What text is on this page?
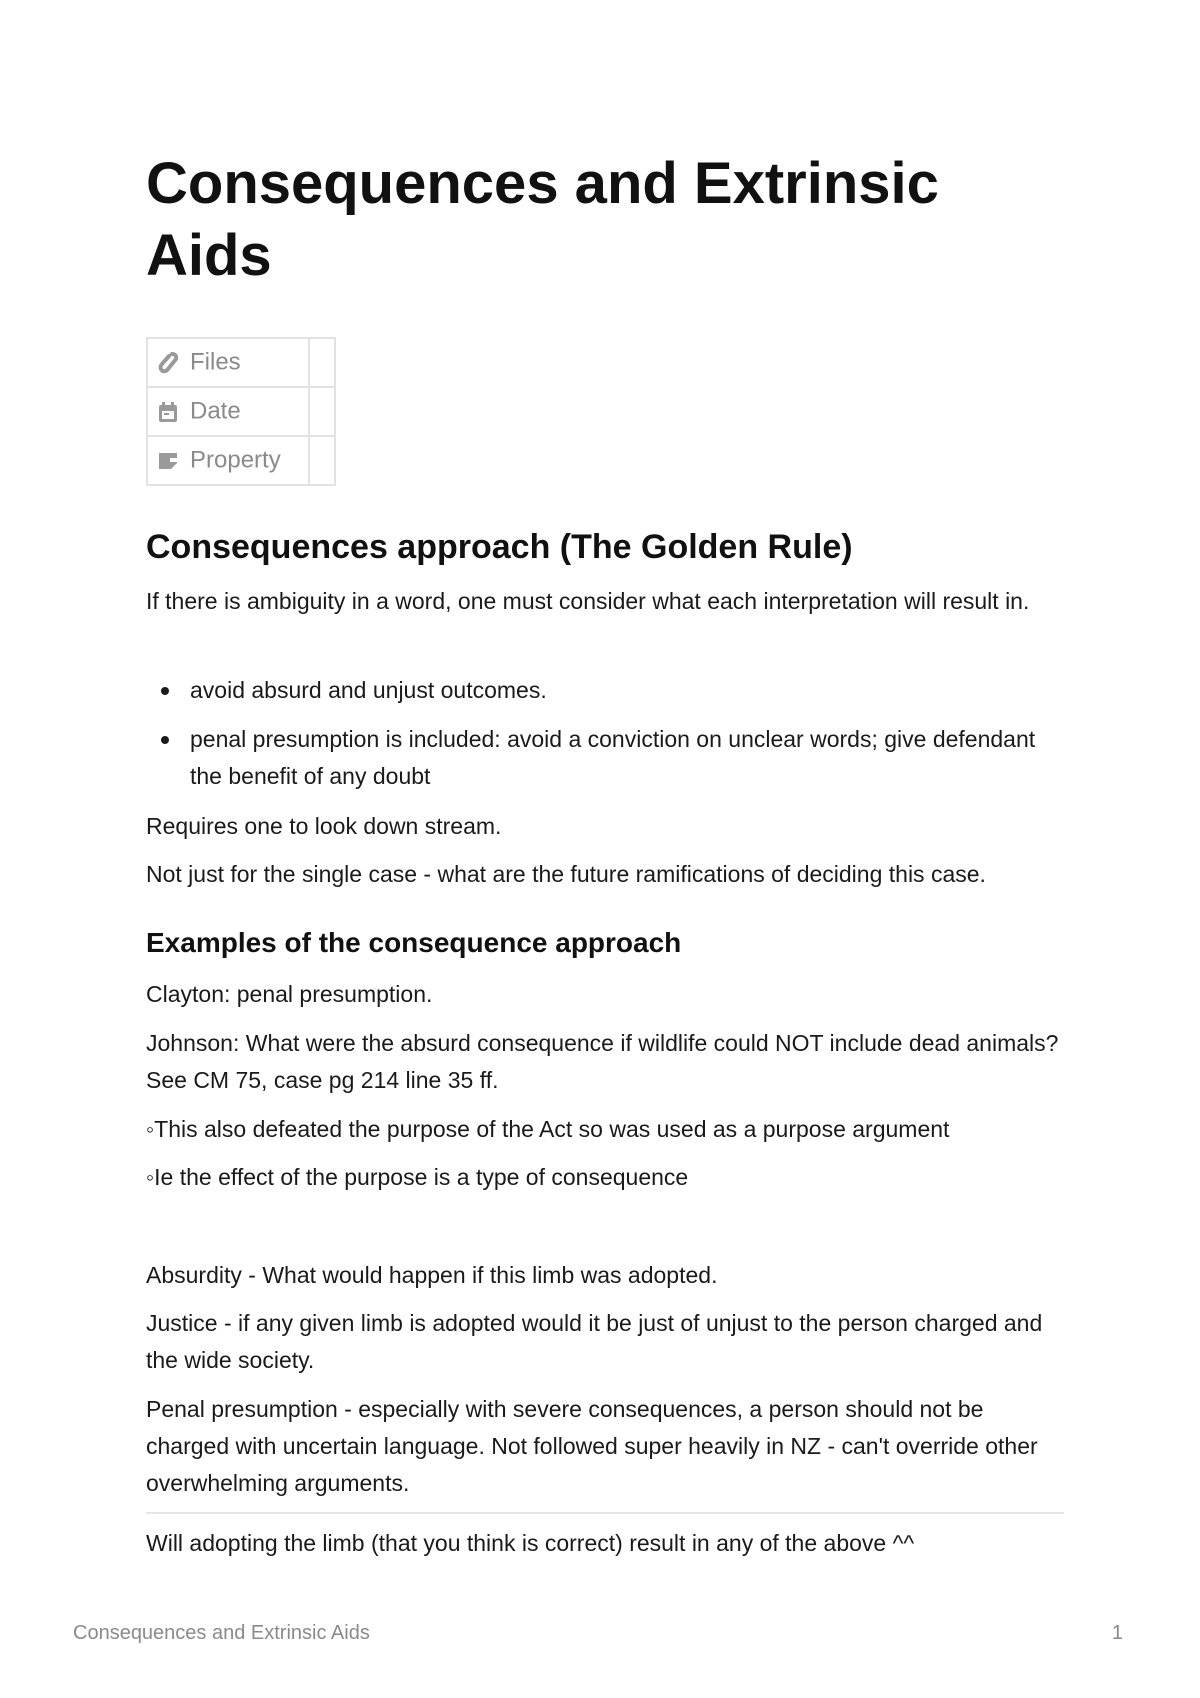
Consequences and Extrinsic Aids
Files	

Date	

Property	
Consequences approach (The Golden Rule)

If there is ambiguity in a word, one must consider what each interpretation will result in.

avoid absurd and unjust outcomes.
penal presumption is included: avoid a conviction on unclear words; give defendant the benefit of any doubt

Requires one to look down stream.

Not just for the single case - what are the future ramifications of deciding this case.

Examples of the consequence approach

Clayton: penal presumption.

Johnson: What were the absurd consequence if wildlife could NOT include dead animals? See CM 75, case pg 214 line 35 ff.

◦This also defeated the purpose of the Act so was used as a purpose argument

◦Ie the effect of the purpose is a type of consequence

Absurdity - What would happen if this limb was adopted.

Justice - if any given limb is adopted would it be just of unjust to the person charged and the wide society.

Penal presumption - especially with severe consequences, a person should not be charged with uncertain language. Not followed super heavily in NZ - can't override other overwhelming arguments.

Will adopting the limb (that you think is correct) result in any of the above ^^

Consequences and Extrinsic Aids	1
